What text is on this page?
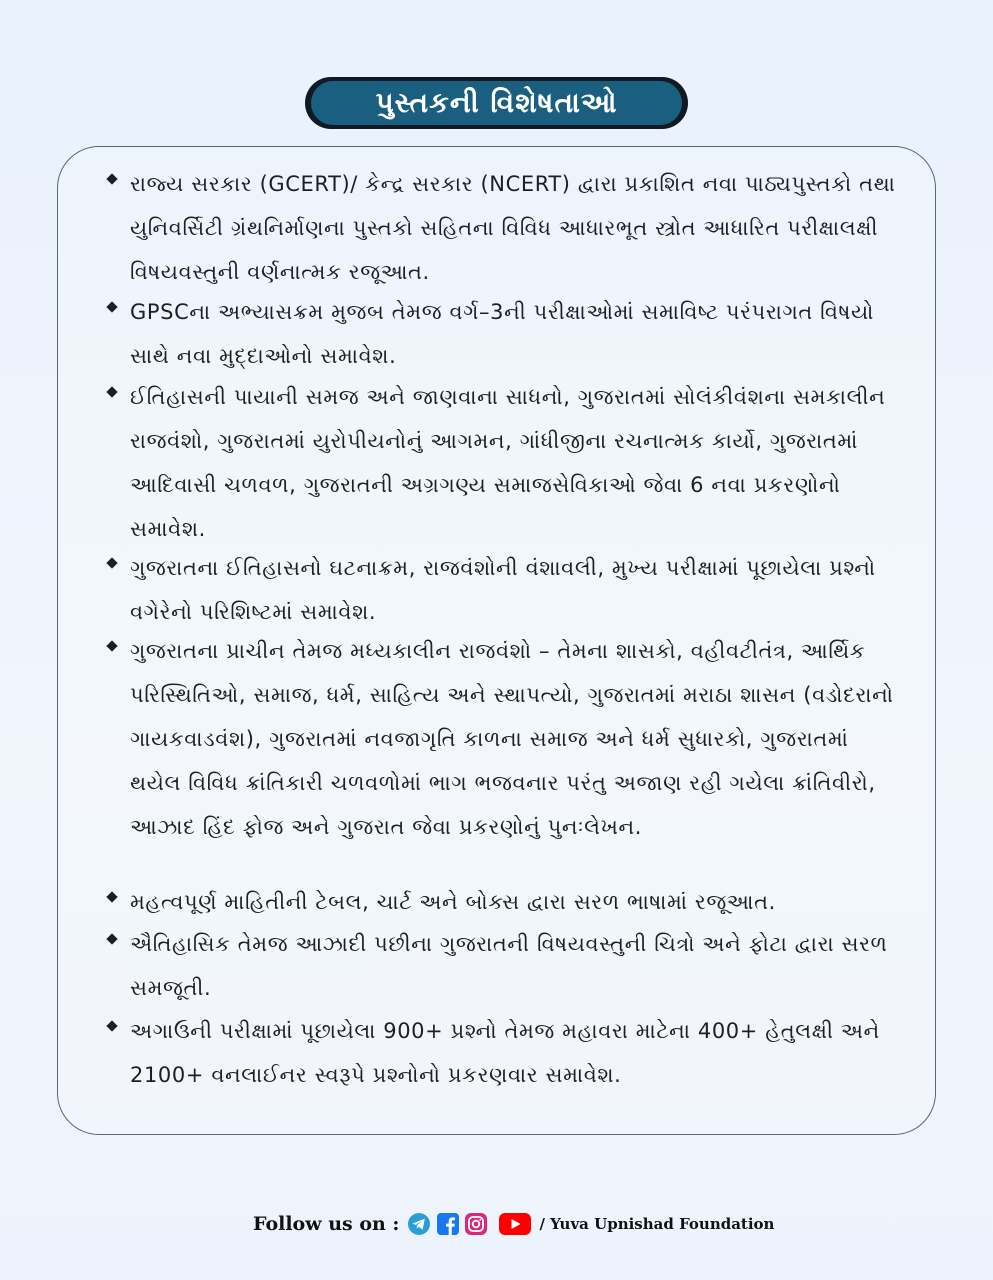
પુસ્તકની વિશેષતાઓ
રાજ્ય સરકાર (GCERT)/ કેન્દ્ર સરકાર (NCERT) દ્વારા પ્રકાશિત નવા પાઠ્યપુસ્તકો તથા યુનિવર્સિટી ગ્રંથનિર્માણના પુસ્તકો સહિતના વિવિધ આધારભૂત સ્ત્રોત આધારિત પરીક્ષાલક્ષી વિષયવસ્તુની વર્ણનાત્મક રજૂઆત.
GPSCના અભ્યાસક્રમ મુજબ તેમજ વર્ગ–3ની પરીક્ષાઓમાં સમાવિષ્ટ પરંપરાગત વિષયો સાથે નવા મુદ્દાઓનો સમાવેશ.
ઈતિહાસની પાયાની સમજ અને જાણવાના સાધનો, ગુજરાતમાં સોલંકીવંશના સમકાલીન રાજવંશો, ગુજરાતમાં યુરોપીયનોનું આગમન, ગાંધીજીના રચનાત્મક કાર્યો, ગુજરાતમાં આદિવાસી ચળવળ, ગુજરાતની અગ્રગણ્ય સમાજસેવિકાઓ જેવા 6 નવા પ્રકરણોનો સમાવેશ.
ગુજરાતના ઈતિહાસનો ઘટનાક્રમ, રાજવંશોની વંશાવલી, મુખ્ય પરીક્ષામાં પૂછાયેલા પ્રશ્નો વગેરેનો પરિશિષ્ટમાં સમાવેશ.
ગુજરાતના પ્રાચીન તેમજ મધ્યકાલીન રાજવંશો – તેમના શાસકો, વહીવટીતંત્ર, આર્થિક પરિસ્થિતિઓ, સમાજ, ધર્મ, સાહિત્ય અને સ્થાપત્યો, ગુજરાતમાં મરાઠા શાસન (વડોદરાનો ગાયકવાડવંશ), ગુજરાતમાં નવજાગૃતિ કાળના સમાજ અને ધર્મ સુધારકો, ગુજરાતમાં થયેલ વિવિધ ક્રાંતિકારી ચળવળોમાં ભાગ ભજવનાર પરંતુ અજાણ રહી ગયેલા ક્રાંતિવીરો, આઝાદ હિંદ ફોજ અને ગુજરાત જેવા પ્રકરણોનું પુનઃલેખન.
મહત્વપૂર્ણ માહિતીની ટેબલ, ચાર્ટ અને બોક્સ દ્વારા સરળ ભાષામાં રજૂઆત.
ઐતિહાસિક તેમજ આઝાદી પછીના ગુજરાતની વિષયવસ્તુની ચિત્રો અને ફોટા દ્વારા સરળ સમજૂતી.
અગાઉની પરીક્ષામાં પૂછાયેલા 900+ પ્રશ્નો તેમજ મહાવરા માટેના 400+ હેતુલક્ષી અને 2100+ વનલાઈનર સ્વરૂપે પ્રશ્નોનો પ્રકરણવાર સમાવેશ.
Follow us on :	/ Yuva Upnishad Foundation
